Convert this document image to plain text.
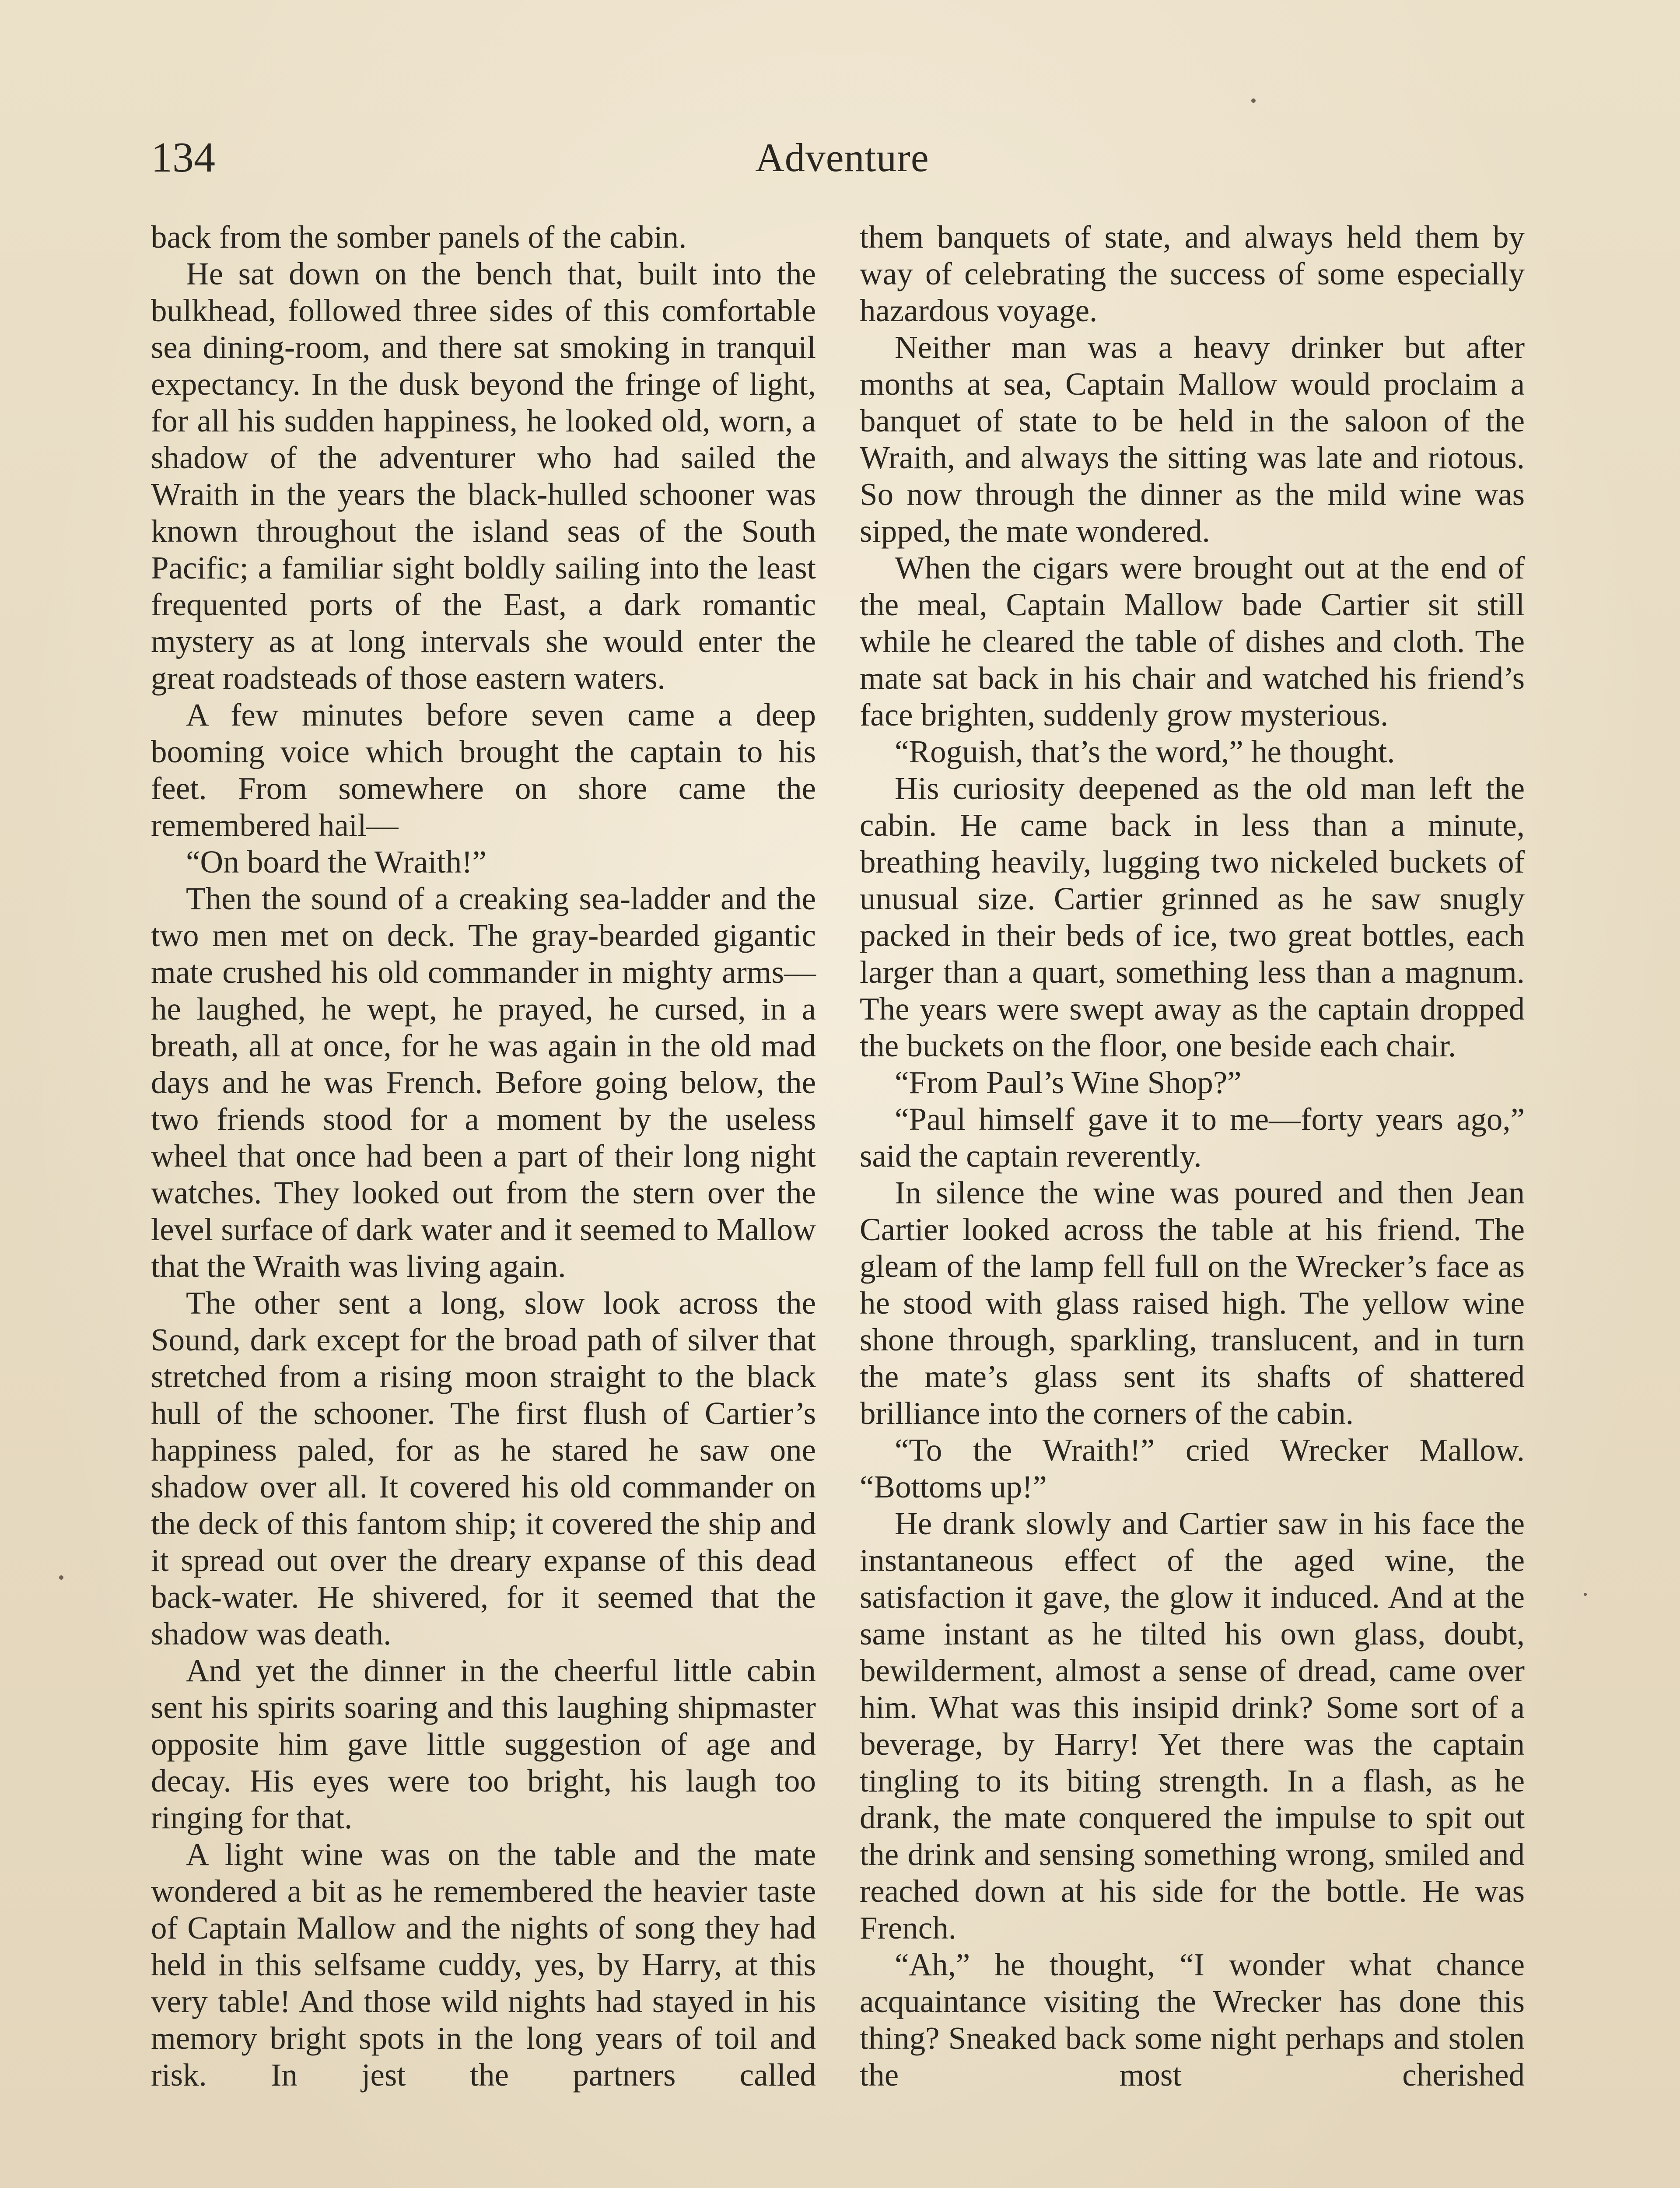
134	Adventure

back from the somber panels of the cabin.

He sat down on the bench that, built into the bulkhead, followed three sides of this comfortable sea dining-room, and there sat smoking in tranquil expectancy. In the dusk beyond the fringe of light, for all his sudden happiness, he looked old, worn, a shadow of the adventurer who had sailed the Wraith in the years the black-hulled schooner was known throughout the island seas of the South Pacific; a familiar sight boldly sailing into the least frequented ports of the East, a dark romantic mystery as at long intervals she would enter the great roadsteads of those eastern waters.

A few minutes before seven came a deep booming voice which brought the captain to his feet. From somewhere on shore came the remembered hail—

“On board the Wraith!”

Then the sound of a creaking sea-ladder and the two men met on deck. The gray-bearded gigantic mate crushed his old commander in mighty arms—he laughed, he wept, he prayed, he cursed, in a breath, all at once, for he was again in the old mad days and he was French. Before going below, the two friends stood for a moment by the useless wheel that once had been a part of their long night watches. They looked out from the stern over the level surface of dark water and it seemed to Mallow that the Wraith was living again.

The other sent a long, slow look across the Sound, dark except for the broad path of silver that stretched from a rising moon straight to the black hull of the schooner. The first flush of Cartier’s happiness paled, for as he stared he saw one shadow over all. It covered his old commander on the deck of this fantom ship; it covered the ship and it spread out over the dreary expanse of this dead back-water. He shivered, for it seemed that the shadow was death.

And yet the dinner in the cheerful little cabin sent his spirits soaring and this laughing shipmaster opposite him gave little suggestion of age and decay. His eyes were too bright, his laugh too ringing for that.

A light wine was on the table and the mate wondered a bit as he remembered the heavier taste of Captain Mallow and the nights of song they had held in this selfsame cuddy, yes, by Harry, at this very table! And those wild nights had stayed in his memory bright spots in the long years of toil and risk. In jest the partners called

them banquets of state, and always held them by way of celebrating the success of some especially hazardous voyage.

Neither man was a heavy drinker but after months at sea, Captain Mallow would proclaim a banquet of state to be held in the saloon of the Wraith, and always the sitting was late and riotous. So now through the dinner as the mild wine was sipped, the mate wondered.

When the cigars were brought out at the end of the meal, Captain Mallow bade Cartier sit still while he cleared the table of dishes and cloth. The mate sat back in his chair and watched his friend’s face brighten, suddenly grow mysterious.

“Roguish, that’s the word,” he thought.

His curiosity deepened as the old man left the cabin. He came back in less than a minute, breathing heavily, lugging two nickeled buckets of unusual size. Cartier grinned as he saw snugly packed in their beds of ice, two great bottles, each larger than a quart, something less than a magnum. The years were swept away as the captain dropped the buckets on the floor, one beside each chair.

“From Paul’s Wine Shop?”

“Paul himself gave it to me—forty years ago,” said the captain reverently.

In silence the wine was poured and then Jean Cartier looked across the table at his friend. The gleam of the lamp fell full on the Wrecker’s face as he stood with glass raised high. The yellow wine shone through, sparkling, translucent, and in turn the mate’s glass sent its shafts of shattered brilliance into the corners of the cabin.

“To the Wraith!” cried Wrecker Mallow. “Bottoms up!”

He drank slowly and Cartier saw in his face the instantaneous effect of the aged wine, the satisfaction it gave, the glow it induced. And at the same instant as he tilted his own glass, doubt, bewilderment, almost a sense of dread, came over him. What was this insipid drink? Some sort of a beverage, by Harry! Yet there was the captain tingling to its biting strength. In a flash, as he drank, the mate conquered the impulse to spit out the drink and sensing something wrong, smiled and reached down at his side for the bottle. He was French.

“Ah,” he thought, “I wonder what chance acquaintance visiting the Wrecker has done this thing? Sneaked back some night perhaps and stolen the most cherished
